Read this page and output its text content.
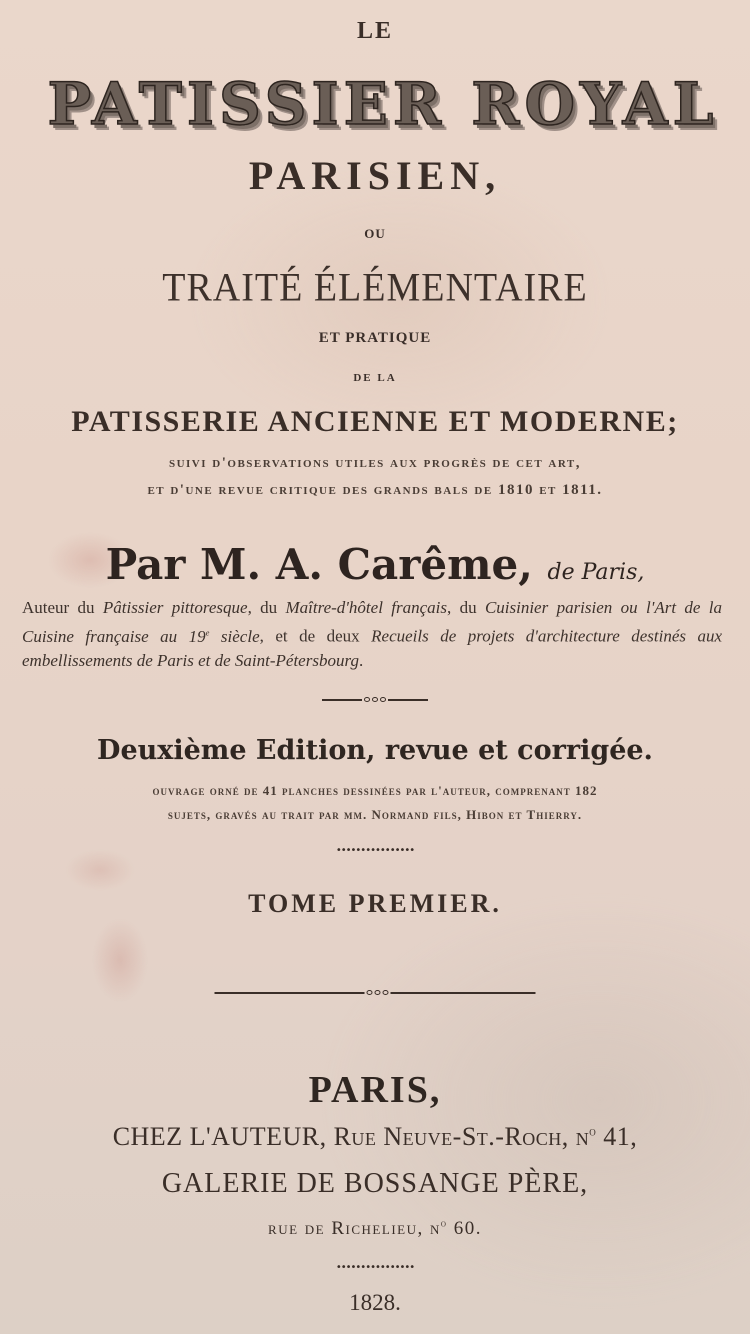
LE
PATISSIER ROYAL
PARISIEN,
OU
TRAITÉ ÉLÉMENTAIRE
ET PRATIQUE
DE LA
PATISSERIE ANCIENNE ET MODERNE;
suivi d'observations utiles aux progrès de cet art,
et d'une revue critique des grands bals de 1810 et 1811.
Par M. A. Carême, de Paris,
Auteur du Pâtissier pittoresque, du Maître-d'hôtel français, du Cuisinier parisien ou l'Art de la Cuisine française au 19e siècle, et de deux Recueils de projets d'architecture destinés aux embellissements de Paris et de Saint-Pétersbourg.
Deuxième Edition, revue et corrigée.
ouvrage orné de 41 planches dessinées par l'auteur, comprenant 182
sujets, gravés au trait par mm. Normand fils, Hibon et Thierry.
••••••••••••••••
TOME PREMIER.
PARIS,
CHEZ L'AUTEUR, Rue Neuve-St.-Roch, $n^o$ 41,
GALERIE DE BOSSANGE PÈRE,
rue de Richelieu, $n^o$ 60.
••••••••••••••••
1828.
